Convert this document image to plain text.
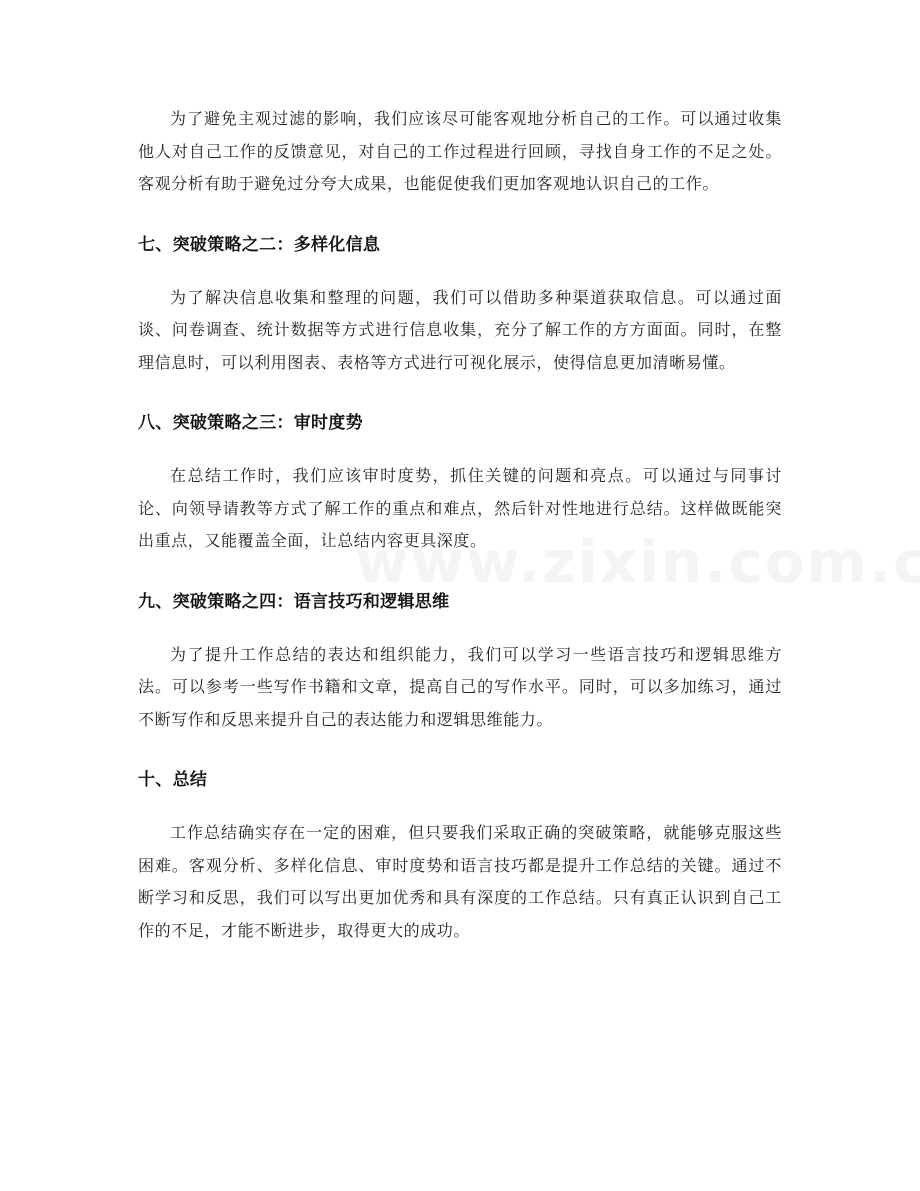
为了避免主观过滤的影响，我们应该尽可能客观地分析自己的工作。可以通过收集他人对自己工作的反馈意见，对自己的工作过程进行回顾，寻找自身工作的不足之处。客观分析有助于避免过分夸大成果，也能促使我们更加客观地认识自己的工作。

七、突破策略之二：多样化信息

为了解决信息收集和整理的问题，我们可以借助多种渠道获取信息。可以通过面谈、问卷调查、统计数据等方式进行信息收集，充分了解工作的方方面面。同时，在整理信息时，可以利用图表、表格等方式进行可视化展示，使得信息更加清晰易懂。

八、突破策略之三：审时度势

在总结工作时，我们应该审时度势，抓住关键的问题和亮点。可以通过与同事讨论、向领导请教等方式了解工作的重点和难点，然后针对性地进行总结。这样做既能突出重点，又能覆盖全面，让总结内容更具深度。

九、突破策略之四：语言技巧和逻辑思维

为了提升工作总结的表达和组织能力，我们可以学习一些语言技巧和逻辑思维方法。可以参考一些写作书籍和文章，提高自己的写作水平。同时，可以多加练习，通过不断写作和反思来提升自己的表达能力和逻辑思维能力。

十、总结

工作总结确实存在一定的困难，但只要我们采取正确的突破策略，就能够克服这些困难。客观分析、多样化信息、审时度势和语言技巧都是提升工作总结的关键。通过不断学习和反思，我们可以写出更加优秀和具有深度的工作总结。只有真正认识到自己工作的不足，才能不断进步，取得更大的成功。
